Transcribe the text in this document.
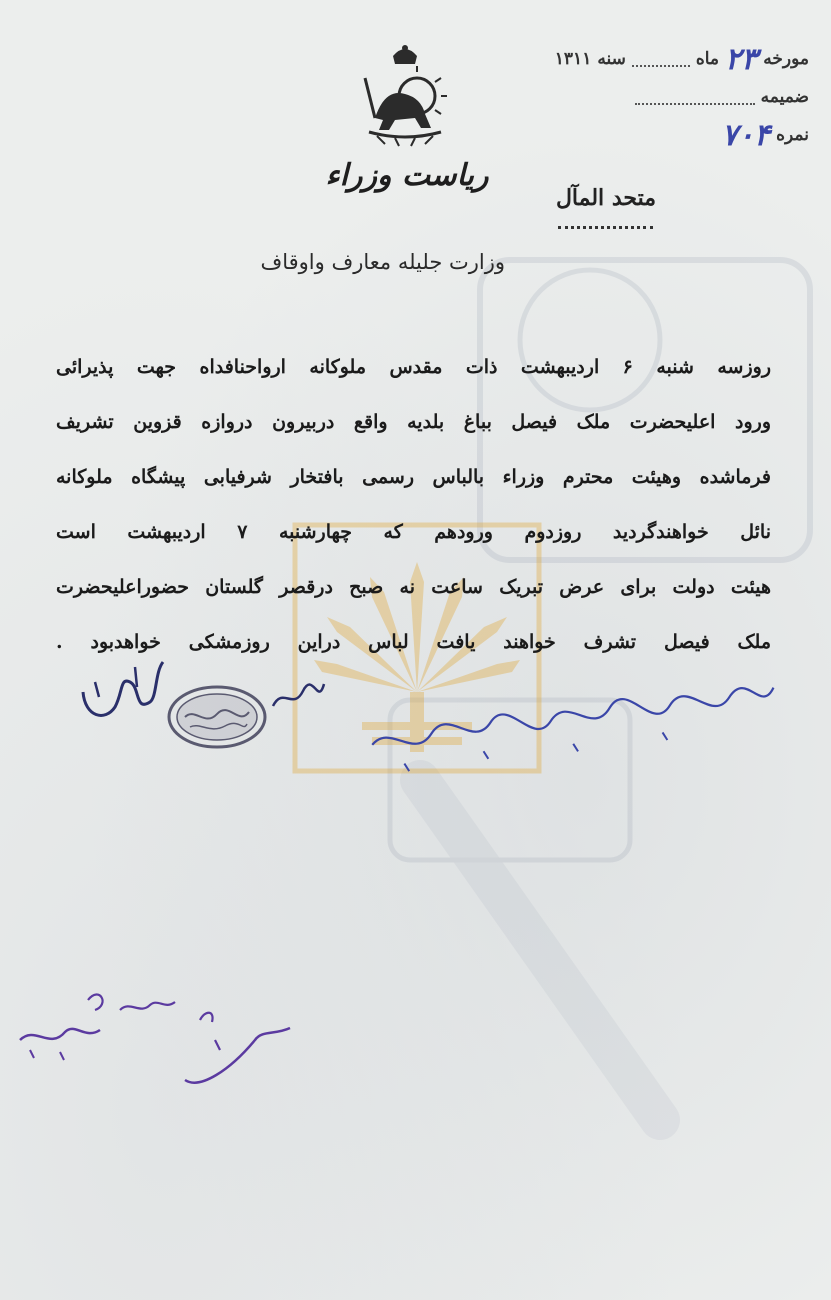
مورخه
۲۳
ماه
سنه
۱۳۱۱
ضمیمه
نمره
۷۰۴
ریاست وزراء
متحد المآل
وزارت جلیله معارف واوقاف
روزسه شنبه ۶ اردیبهشت ذات مقدس ملوکانه ارواحنافداه جهت پذیرائی
ورود اعلیحضرت ملک فیصل بباغ بلدیه واقع دربیرون دروازه قزوین تشریف
فرماشده وهیئت محترم وزراء بالباس رسمی بافتخار شرفیابی پیشگاه ملوکانه
نائل خواهندگردید روزدوم ورودهم که چهارشنبه ۷ اردیبهشت است
هیئت دولت برای عرض تبریک ساعت نه صبح درقصر گلستان حضوراعلیحضرت
ملک فیصل تشرف خواهند یافت لباس دراین روزمشکی خواهدبود .
